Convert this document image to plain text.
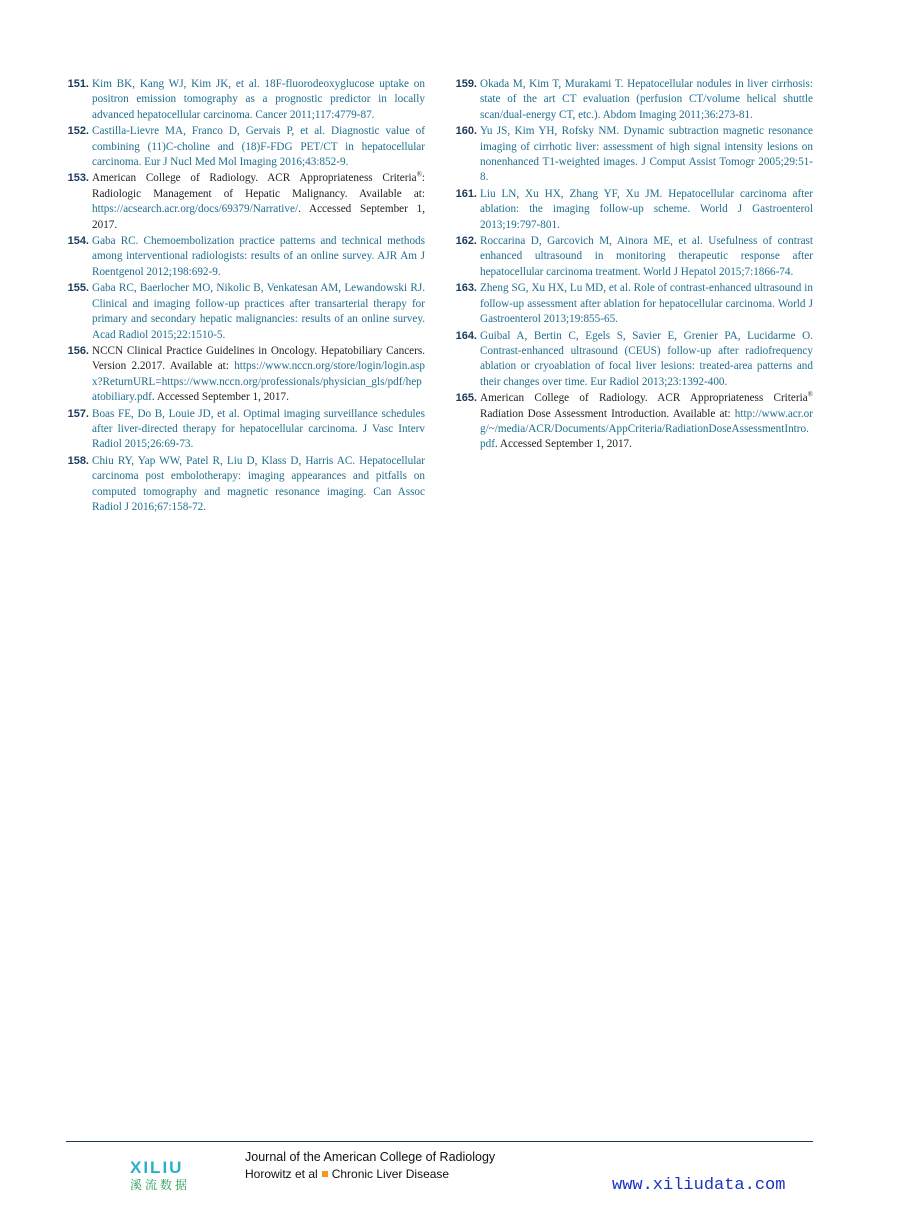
151. Kim BK, Kang WJ, Kim JK, et al. 18F-fluorodeoxyglucose uptake on positron emission tomography as a prognostic predictor in locally advanced hepatocellular carcinoma. Cancer 2011;117:4779-87.
152. Castilla-Lievre MA, Franco D, Gervais P, et al. Diagnostic value of combining (11)C-choline and (18)F-FDG PET/CT in hepatocellular carcinoma. Eur J Nucl Med Mol Imaging 2016;43:852-9.
153. American College of Radiology. ACR Appropriateness Criteria®: Radiologic Management of Hepatic Malignancy. Available at: https://acsearch.acr.org/docs/69379/Narrative/. Accessed September 1, 2017.
154. Gaba RC. Chemoembolization practice patterns and technical methods among interventional radiologists: results of an online survey. AJR Am J Roentgenol 2012;198:692-9.
155. Gaba RC, Baerlocher MO, Nikolic B, Venkatesan AM, Lewandowski RJ. Clinical and imaging follow-up practices after transarterial therapy for primary and secondary hepatic malignancies: results of an online survey. Acad Radiol 2015;22:1510-5.
156. NCCN Clinical Practice Guidelines in Oncology. Hepatobiliary Cancers. Version 2.2017. Available at: https://www.nccn.org/store/login/login.aspx?ReturnURL=https://www.nccn.org/professionals/physician_gls/pdf/hepatobiliary.pdf. Accessed September 1, 2017.
157. Boas FE, Do B, Louie JD, et al. Optimal imaging surveillance schedules after liver-directed therapy for hepatocellular carcinoma. J Vasc Interv Radiol 2015;26:69-73.
158. Chiu RY, Yap WW, Patel R, Liu D, Klass D, Harris AC. Hepatocellular carcinoma post embolotherapy: imaging appearances and pitfalls on computed tomography and magnetic resonance imaging. Can Assoc Radiol J 2016;67:158-72.
159. Okada M, Kim T, Murakami T. Hepatocellular nodules in liver cirrhosis: state of the art CT evaluation (perfusion CT/volume helical shuttle scan/dual-energy CT, etc.). Abdom Imaging 2011;36:273-81.
160. Yu JS, Kim YH, Rofsky NM. Dynamic subtraction magnetic resonance imaging of cirrhotic liver: assessment of high signal intensity lesions on nonenhanced T1-weighted images. J Comput Assist Tomogr 2005;29:51-8.
161. Liu LN, Xu HX, Zhang YF, Xu JM. Hepatocellular carcinoma after ablation: the imaging follow-up scheme. World J Gastroenterol 2013;19:797-801.
162. Roccarina D, Garcovich M, Ainora ME, et al. Usefulness of contrast enhanced ultrasound in monitoring therapeutic response after hepatocellular carcinoma treatment. World J Hepatol 2015;7:1866-74.
163. Zheng SG, Xu HX, Lu MD, et al. Role of contrast-enhanced ultrasound in follow-up assessment after ablation for hepatocellular carcinoma. World J Gastroenterol 2013;19:855-65.
164. Guibal A, Bertin C, Egels S, Savier E, Grenier PA, Lucidarme O. Contrast-enhanced ultrasound (CEUS) follow-up after radiofrequency ablation or cryoablation of focal liver lesions: treated-area patterns and their changes over time. Eur Radiol 2013;23:1392-400.
165. American College of Radiology. ACR Appropriateness Criteria® Radiation Dose Assessment Introduction. Available at: http://www.acr.org/~/media/ACR/Documents/AppCriteria/RadiationDoseAssessmentIntro.pdf. Accessed September 1, 2017.
XILIU
溪流数据
Journal of the American College of Radiology
Horowitz et al Chronic Liver Disease
www.xiliudata.com
